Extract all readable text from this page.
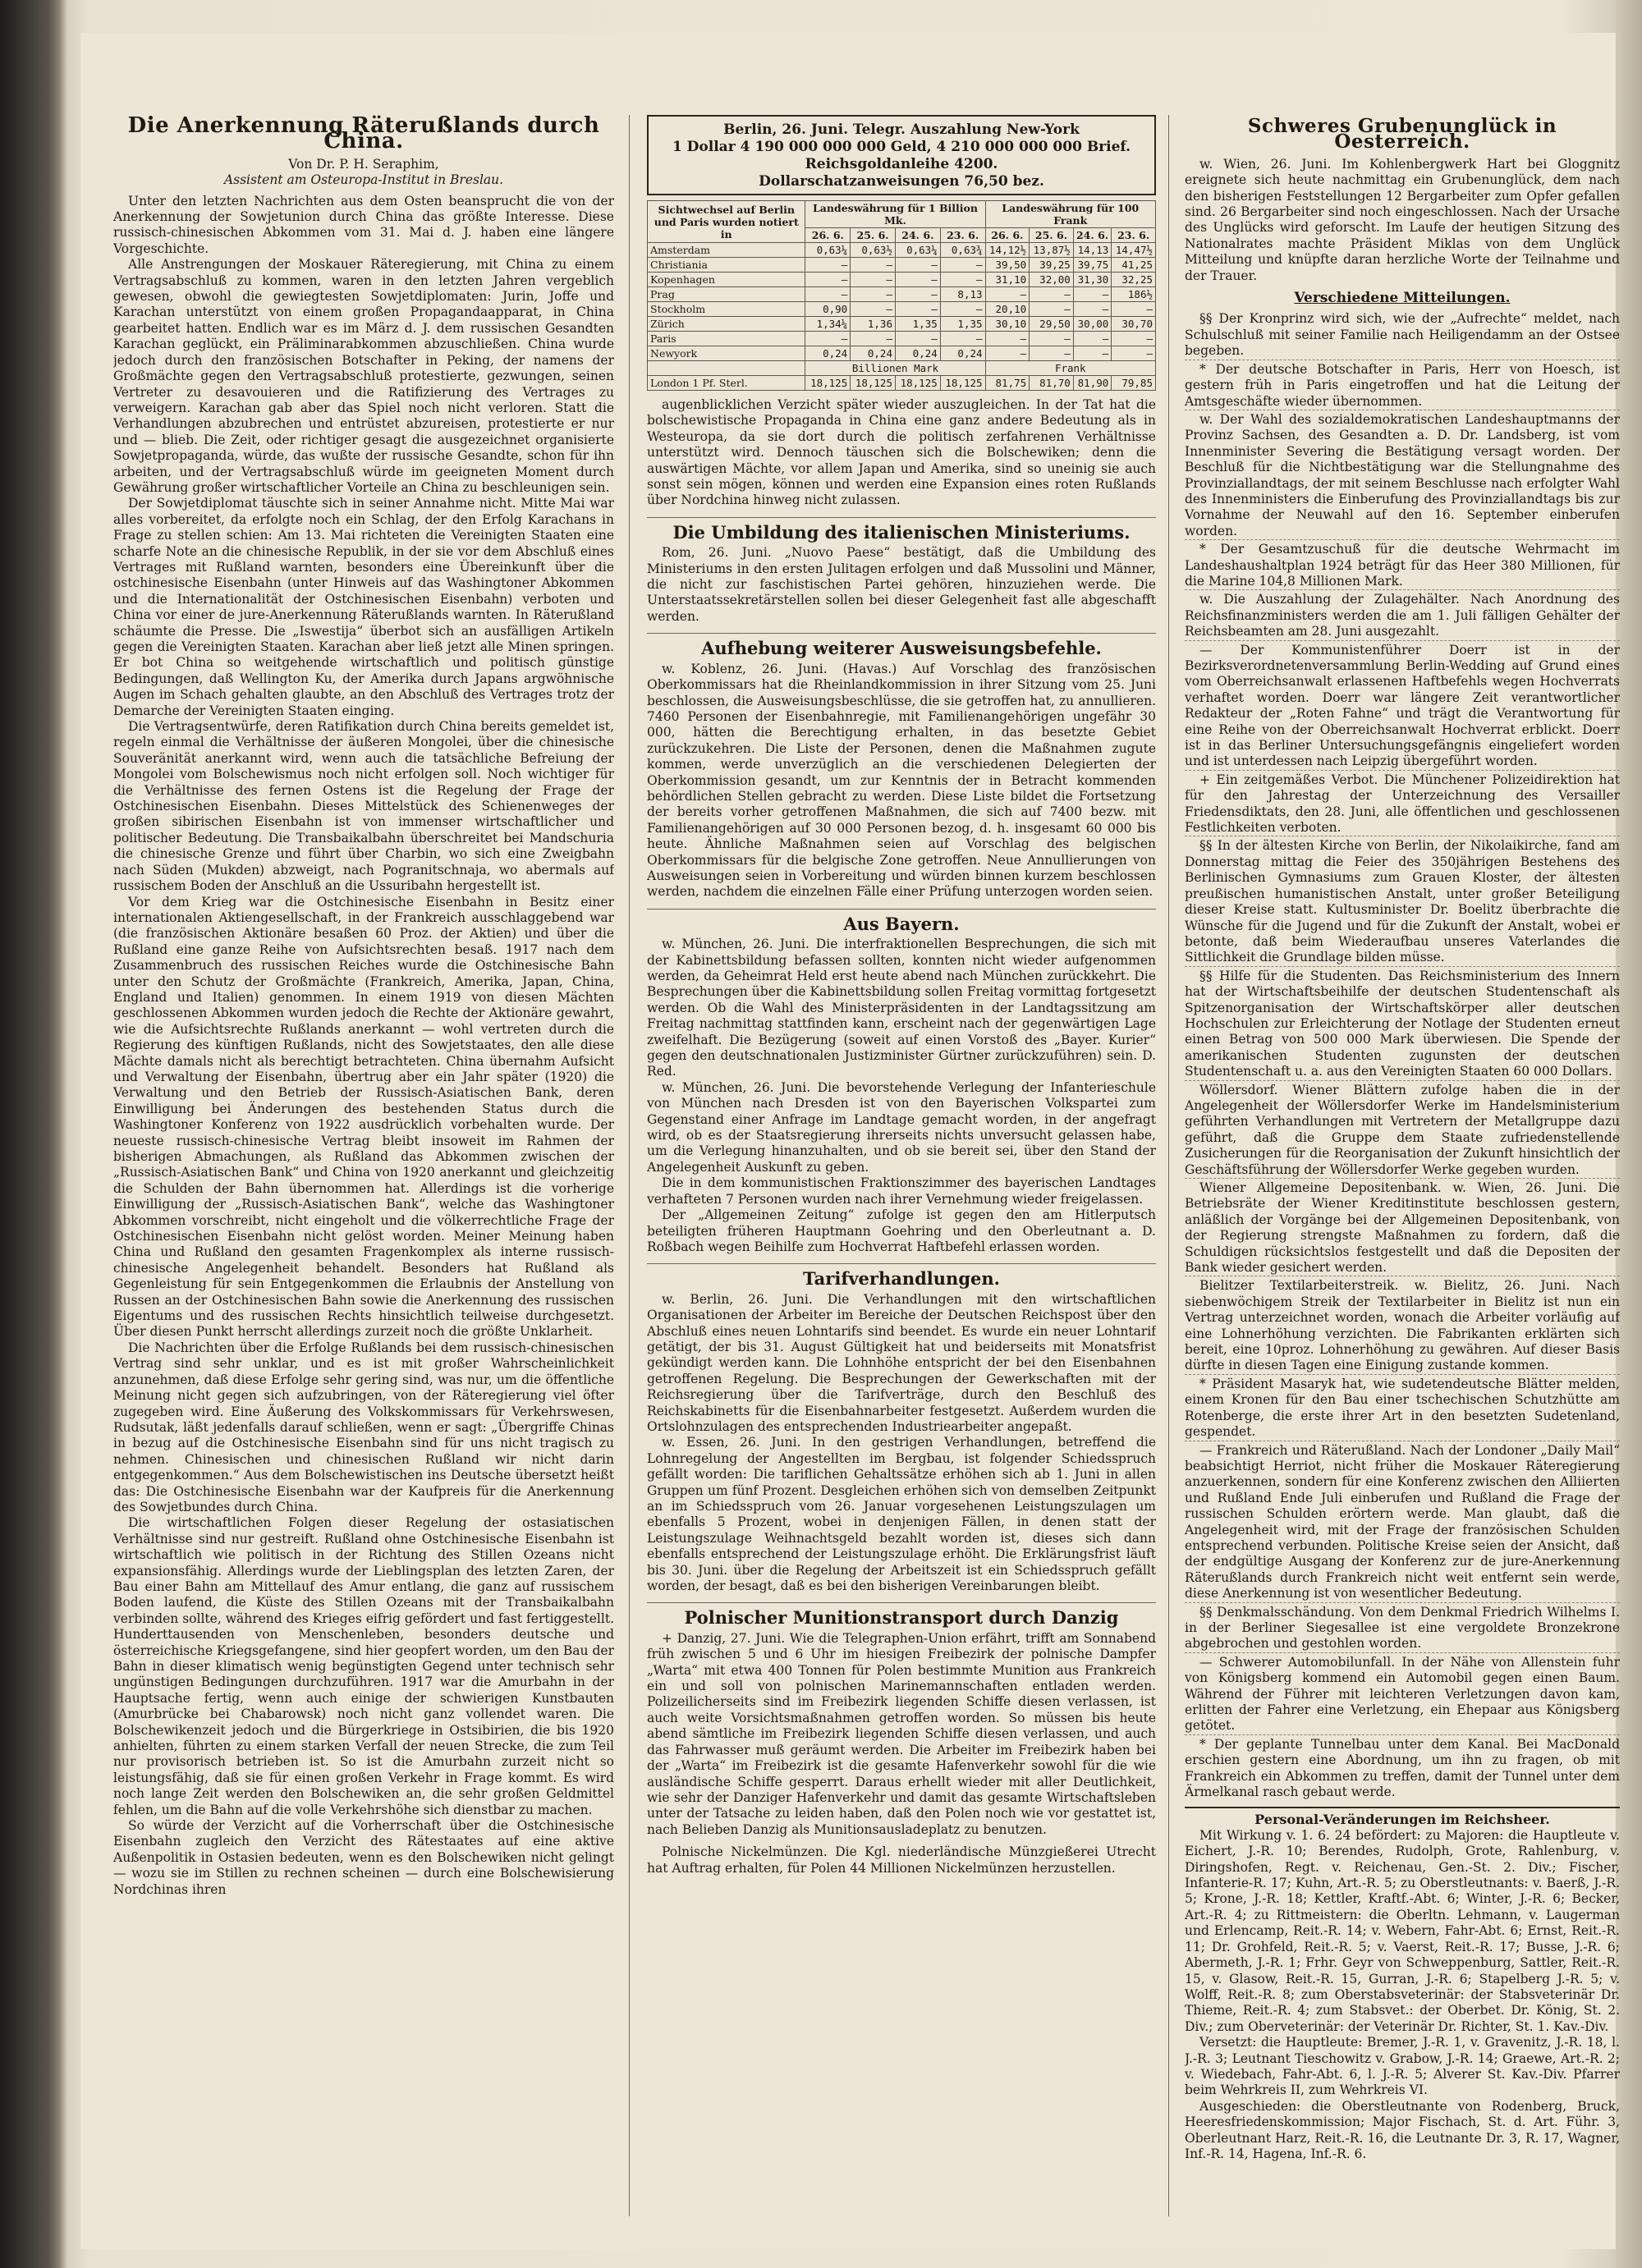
Die Anerkennung Räterußlands durch China.
Von Dr. P. H. Seraphim,
Assistent am Osteuropa-Institut in Breslau.

Unter den letzten Nachrichten aus dem Osten beansprucht die von der Anerkennung der Sowjetunion durch China das größte Interesse. Diese russisch-chinesischen Abkommen vom 31. Mai d. J. haben eine längere Vorgeschichte.

Alle Anstrengungen der Moskauer Räteregierung, mit China zu einem Vertragsabschluß zu kommen, waren in den letzten Jahren vergeblich gewesen, obwohl die gewiegtesten Sowjetdiplomaten: Jurin, Joffe und Karachan unterstützt von einem großen Propagandaapparat, in China gearbeitet hatten. Endlich war es im März d. J. dem russischen Gesandten Karachan geglückt, ein Präliminarabkommen abzuschließen. China wurde jedoch durch den französischen Botschafter in Peking, der namens der Großmächte gegen den Vertragsabschluß protestierte, gezwungen, seinen Vertreter zu desavouieren und die Ratifizierung des Vertrages zu verweigern. Karachan gab aber das Spiel noch nicht verloren. Statt die Verhandlungen abzubrechen und entrüstet abzureisen, protestierte er nur und — blieb. Die Zeit, oder richtiger gesagt die ausgezeichnet organisierte Sowjetpropaganda, würde, das wußte der russische Gesandte, schon für ihn arbeiten, und der Vertragsabschluß würde im geeigneten Moment durch Gewährung großer wirtschaftlicher Vorteile an China zu beschleunigen sein.

Der Sowjetdiplomat täuschte sich in seiner Annahme nicht. Mitte Mai war alles vorbereitet, da erfolgte noch ein Schlag, der den Erfolg Karachans in Frage zu stellen schien: Am 13. Mai richteten die Vereinigten Staaten eine scharfe Note an die chinesische Republik, in der sie vor dem Abschluß eines Vertrages mit Rußland warnten, besonders eine Übereinkunft über die ostchinesische Eisenbahn (unter Hinweis auf das Washingtoner Abkommen und die Internationalität der Ostchinesischen Eisenbahn) verboten und China vor einer de jure-Anerkennung Räterußlands warnten. In Räterußland schäumte die Presse. Die „Iswestija“ überbot sich an ausfälligen Artikeln gegen die Vereinigten Staaten. Karachan aber ließ jetzt alle Minen springen. Er bot China so weitgehende wirtschaftlich und politisch günstige Bedingungen, daß Wellington Ku, der Amerika durch Japans argwöhnische Augen im Schach gehalten glaubte, an den Abschluß des Vertrages trotz der Demarche der Vereinigten Staaten einging.

Die Vertragsentwürfe, deren Ratifikation durch China bereits gemeldet ist, regeln einmal die Verhältnisse der äußeren Mongolei, über die chinesische Souveränität anerkannt wird, wenn auch die tatsächliche Befreiung der Mongolei vom Bolschewismus noch nicht erfolgen soll. Noch wichtiger für die Verhältnisse des fernen Ostens ist die Regelung der Frage der Ostchinesischen Eisenbahn. Dieses Mittelstück des Schienenweges der großen sibirischen Eisenbahn ist von immenser wirtschaftlicher und politischer Bedeutung. Die Transbaikalbahn überschreitet bei Mandschuria die chinesische Grenze und führt über Charbin, wo sich eine Zweigbahn nach Süden (Mukden) abzweigt, nach Pogranitschnaja, wo abermals auf russischem Boden der Anschluß an die Ussuribahn hergestellt ist.

Vor dem Krieg war die Ostchinesische Eisenbahn in Besitz einer internationalen Aktiengesellschaft, in der Frankreich ausschlaggebend war (die französischen Aktionäre besaßen 60 Proz. der Aktien) und über die Rußland eine ganze Reihe von Aufsichtsrechten besaß. 1917 nach dem Zusammenbruch des russischen Reiches wurde die Ostchinesische Bahn unter den Schutz der Großmächte (Frankreich, Amerika, Japan, China, England und Italien) genommen. In einem 1919 von diesen Mächten geschlossenen Abkommen wurden jedoch die Rechte der Aktionäre gewahrt, wie die Aufsichtsrechte Rußlands anerkannt — wohl vertreten durch die Regierung des künftigen Rußlands, nicht des Sowjetstaates, den alle diese Mächte damals nicht als berechtigt betrachteten. China übernahm Aufsicht und Verwaltung der Eisenbahn, übertrug aber ein Jahr später (1920) die Verwaltung und den Betrieb der Russisch-Asiatischen Bank, deren Einwilligung bei Änderungen des bestehenden Status durch die Washingtoner Konferenz von 1922 ausdrücklich vorbehalten wurde. Der neueste russisch-chinesische Vertrag bleibt insoweit im Rahmen der bisherigen Abmachungen, als Rußland das Abkommen zwischen der „Russisch-Asiatischen Bank“ und China von 1920 anerkannt und gleichzeitig die Schulden der Bahn übernommen hat. Allerdings ist die vorherige Einwilligung der „Russisch-Asiatischen Bank“, welche das Washingtoner Abkommen vorschreibt, nicht eingeholt und die völkerrechtliche Frage der Ostchinesischen Eisenbahn nicht gelöst worden. Meiner Meinung haben China und Rußland den gesamten Fragenkomplex als interne russisch-chinesische Angelegenheit behandelt. Besonders hat Rußland als Gegenleistung für sein Entgegenkommen die Erlaubnis der Anstellung von Russen an der Ostchinesischen Bahn sowie die Anerkennung des russischen Eigentums und des russischen Rechts hinsichtlich teilweise durchgesetzt. Über diesen Punkt herrscht allerdings zurzeit noch die größte Unklarheit.

Die Nachrichten über die Erfolge Rußlands bei dem russisch-chinesischen Vertrag sind sehr unklar, und es ist mit großer Wahrscheinlichkeit anzunehmen, daß diese Erfolge sehr gering sind, was nur, um die öffentliche Meinung nicht gegen sich aufzubringen, von der Räteregierung viel öfter zugegeben wird. Eine Äußerung des Volkskommissars für Verkehrswesen, Rudsutak, läßt jedenfalls darauf schließen, wenn er sagt: „Übergriffe Chinas in bezug auf die Ostchinesische Eisenbahn sind für uns nicht tragisch zu nehmen. Chinesischen und chinesischen Rußland wir nicht darin entgegenkommen.“ Aus dem Bolschewistischen ins Deutsche übersetzt heißt das: Die Ostchinesische Eisenbahn war der Kaufpreis für die Anerkennung des Sowjetbundes durch China.

Die wirtschaftlichen Folgen dieser Regelung der ostasiatischen Verhältnisse sind nur gestreift. Rußland ohne Ostchinesische Eisenbahn ist wirtschaftlich wie politisch in der Richtung des Stillen Ozeans nicht expansionsfähig. Allerdings wurde der Lieblingsplan des letzten Zaren, der Bau einer Bahn am Mittellauf des Amur entlang, die ganz auf russischem Boden laufend, die Küste des Stillen Ozeans mit der Transbaikalbahn verbinden sollte, während des Krieges eifrig gefördert und fast fertiggestellt. Hunderttausenden von Menschenleben, besonders deutsche und österreichische Kriegsgefangene, sind hier geopfert worden, um den Bau der Bahn in dieser klimatisch wenig begünstigten Gegend unter technisch sehr ungünstigen Bedingungen durchzuführen. 1917 war die Amurbahn in der Hauptsache fertig, wenn auch einige der schwierigen Kunstbauten (Amurbrücke bei Chabarowsk) noch nicht ganz vollendet waren. Die Bolschewikenzeit jedoch und die Bürgerkriege in Ostsibirien, die bis 1920 anhielten, führten zu einem starken Verfall der neuen Strecke, die zum Teil nur provisorisch betrieben ist. So ist die Amurbahn zurzeit nicht so leistungsfähig, daß sie für einen großen Verkehr in Frage kommt. Es wird noch lange Zeit werden den Bolschewiken an, die sehr großen Geldmittel fehlen, um die Bahn auf die volle Verkehrshöhe sich dienstbar zu machen.

So würde der Verzicht auf die Vorherrschaft über die Ostchinesische Eisenbahn zugleich den Verzicht des Rätestaates auf eine aktive Außenpolitik in Ostasien bedeuten, wenn es den Bolschewiken nicht gelingt — wozu sie im Stillen zu rechnen scheinen — durch eine Bolschewisierung Nordchinas ihren

Berlin, 26. Juni. Telegr. Auszahlung New-York
1 Dollar 4 190 000 000 000 Geld, 4 210 000 000 000 Brief.
Reichsgoldanleihe 4200.
Dollarschatzanweisungen 76,50 bez.
Sichtwechsel auf Berlin und Paris wurden notiert in	Landeswährung für 1 Billion Mk.				Landeswährung für 100 Frank			
	26. 6.	25. 6.	24. 6.	23. 6.	26. 6.	25. 6.	24. 6.	23. 6.
Amsterdam	0,63¼	0,63½	0,63¼	0,63¾	14,12½	13,87½	14,13	14,47½
Christiania	—	—	—	—	39,50	39,25	39,75	41,25
Kopenhagen	—	—	—	—	31,10	32,00	31,30	32,25
Prag	—	—	—	8,13	—	—	—	186½
Stockholm	0,90	—	—	—	20,10	—	—	—
Zürich	1,34¼	1,36	1,35	1,35	30,10	29,50	30,00	30,70
Paris	—	—	—	—	—	—	—	—
Newyork	0,24	0,24	0,24	0,24	—	—	—	—
	Billionen Mark				Frank			
London 1 Pf. Sterl.	18,125	18,125	18,125	18,125	81,75	81,70	81,90	79,85

augenblicklichen Verzicht später wieder auszugleichen. In der Tat hat die bolschewistische Propaganda in China eine ganz andere Bedeutung als in Westeuropa, da sie dort durch die politisch zerfahrenen Verhältnisse unterstützt wird. Dennoch täuschen sich die Bolschewiken; denn die auswärtigen Mächte, vor allem Japan und Amerika, sind so uneinig sie auch sonst sein mögen, können und werden eine Expansion eines roten Rußlands über Nordchina hinweg nicht zulassen.

Die Umbildung des italienischen Ministeriums.

Rom, 26. Juni. „Nuovo Paese“ bestätigt, daß die Umbildung des Ministeriums in den ersten Julitagen erfolgen und daß Mussolini und Männer, die nicht zur faschistischen Partei gehören, hinzuziehen werde. Die Unterstaatssekretärstellen sollen bei dieser Gelegenheit fast alle abgeschafft werden.

Aufhebung weiterer Ausweisungsbefehle.

w. Koblenz, 26. Juni. (Havas.) Auf Vorschlag des französischen Oberkommissars hat die Rheinlandkommission in ihrer Sitzung vom 25. Juni beschlossen, die Ausweisungsbeschlüsse, die sie getroffen hat, zu annullieren. 7460 Personen der Eisenbahnregie, mit Familienangehörigen ungefähr 30 000, hätten die Berechtigung erhalten, in das besetzte Gebiet zurückzukehren. Die Liste der Personen, denen die Maßnahmen zugute kommen, werde unverzüglich an die verschiedenen Delegierten der Oberkommission gesandt, um zur Kenntnis der in Betracht kommenden behördlichen Stellen gebracht zu werden. Diese Liste bildet die Fortsetzung der bereits vorher getroffenen Maßnahmen, die sich auf 7400 bezw. mit Familienangehörigen auf 30 000 Personen bezog, d. h. insgesamt 60 000 bis heute. Ähnliche Maßnahmen seien auf Vorschlag des belgischen Oberkommissars für die belgische Zone getroffen. Neue Annullierungen von Ausweisungen seien in Vorbereitung und würden binnen kurzem beschlossen werden, nachdem die einzelnen Fälle einer Prüfung unterzogen worden seien.

Aus Bayern.

w. München, 26. Juni. Die interfraktionellen Besprechungen, die sich mit der Kabinettsbildung befassen sollten, konnten nicht wieder aufgenommen werden, da Geheimrat Held erst heute abend nach München zurückkehrt. Die Besprechungen über die Kabinettsbildung sollen Freitag vormittag fortgesetzt werden. Ob die Wahl des Ministerpräsidenten in der Landtagssitzung am Freitag nachmittag stattfinden kann, erscheint nach der gegenwärtigen Lage zweifelhaft. Die Bezügerung (soweit auf einen Vorstoß des „Bayer. Kurier“ gegen den deutschnationalen Justizminister Gürtner zurückzuführen) sein. D. Red.

w. München, 26. Juni. Die bevorstehende Verlegung der Infanterieschule von München nach Dresden ist von den Bayerischen Volkspartei zum Gegenstand einer Anfrage im Landtage gemacht worden, in der angefragt wird, ob es der Staatsregierung ihrerseits nichts unversucht gelassen habe, um die Verlegung hinanzuhalten, und ob sie bereit sei, über den Stand der Angelegenheit Auskunft zu geben.

Die in dem kommunistischen Fraktionszimmer des bayerischen Landtages verhafteten 7 Personen wurden nach ihrer Vernehmung wieder freigelassen.

Der „Allgemeinen Zeitung“ zufolge ist gegen den am Hitlerputsch beteiligten früheren Hauptmann Goehring und den Oberleutnant a. D. Roßbach wegen Beihilfe zum Hochverrat Haftbefehl erlassen worden.

Tarifverhandlungen.

w. Berlin, 26. Juni. Die Verhandlungen mit den wirtschaftlichen Organisationen der Arbeiter im Bereiche der Deutschen Reichspost über den Abschluß eines neuen Lohntarifs sind beendet. Es wurde ein neuer Lohntarif getätigt, der bis 31. August Gültigkeit hat und beiderseits mit Monatsfrist gekündigt werden kann. Die Lohnhöhe entspricht der bei den Eisenbahnen getroffenen Regelung. Die Besprechungen der Gewerkschaften mit der Reichsregierung über die Tarifverträge, durch den Beschluß des Reichskabinetts für die Eisenbahnarbeiter festgesetzt. Außerdem wurden die Ortslohnzulagen des entsprechenden Industriearbeiter angepaßt.

w. Essen, 26. Juni. In den gestrigen Verhandlungen, betreffend die Lohnregelung der Angestellten im Bergbau, ist folgender Schiedsspruch gefällt worden: Die tariflichen Gehaltssätze erhöhen sich ab 1. Juni in allen Gruppen um fünf Prozent. Desgleichen erhöhen sich von demselben Zeitpunkt an im Schiedsspruch vom 26. Januar vorgesehenen Leistungszulagen um ebenfalls 5 Prozent, wobei in denjenigen Fällen, in denen statt der Leistungszulage Weihnachtsgeld bezahlt worden ist, dieses sich dann ebenfalls entsprechend der Leistungszulage erhöht. Die Erklärungsfrist läuft bis 30. Juni. über die Regelung der Arbeitszeit ist ein Schiedsspruch gefällt worden, der besagt, daß es bei den bisherigen Vereinbarungen bleibt.

Polnischer Munitionstransport durch Danzig

+ Danzig, 27. Juni. Wie die Telegraphen-Union erfährt, trifft am Sonnabend früh zwischen 5 und 6 Uhr im hiesigen Freibezirk der polnische Dampfer „Warta“ mit etwa 400 Tonnen für Polen bestimmte Munition aus Frankreich ein und soll von polnischen Marinemannschaften entladen werden. Polizeilicherseits sind im Freibezirk liegenden Schiffe diesen verlassen, ist auch weite Vorsichtsmaßnahmen getroffen worden. So müssen bis heute abend sämtliche im Freibezirk liegenden Schiffe diesen verlassen, und auch das Fahrwasser muß geräumt werden. Die Arbeiter im Freibezirk haben bei der „Warta“ im Freibezirk ist die gesamte Hafenverkehr sowohl für die wie ausländische Schiffe gesperrt. Daraus erhellt wieder mit aller Deutlichkeit, wie sehr der Danziger Hafenverkehr und damit das gesamte Wirtschaftsleben unter der Tatsache zu leiden haben, daß den Polen noch wie vor gestattet ist, nach Belieben Danzig als Munitionsausladeplatz zu benutzen.

Polnische Nickelmünzen. Die Kgl. niederländische Münzgießerei Utrecht hat Auftrag erhalten, für Polen 44 Millionen Nickelmünzen herzustellen.

Schweres Grubenunglück in Oesterreich.

w. Wien, 26. Juni. Im Kohlenbergwerk Hart bei Gloggnitz ereignete sich heute nachmittag ein Grubenunglück, dem nach den bisherigen Feststellungen 12 Bergarbeiter zum Opfer gefallen sind. 26 Bergarbeiter sind noch eingeschlossen. Nach der Ursache des Unglücks wird geforscht. Im Laufe der heutigen Sitzung des Nationalrates machte Präsident Miklas von dem Unglück Mitteilung und knüpfte daran herzliche Worte der Teilnahme und der Trauer.

Verschiedene Mitteilungen.

§§ Der Kronprinz wird sich, wie der „Aufrechte“ meldet, nach Schulschluß mit seiner Familie nach Heiligendamm an der Ostsee begeben.

* Der deutsche Botschafter in Paris, Herr von Hoesch, ist gestern früh in Paris eingetroffen und hat die Leitung der Amtsgeschäfte wieder übernommen.

w. Der Wahl des sozialdemokratischen Landeshauptmanns der Provinz Sachsen, des Gesandten a. D. Dr. Landsberg, ist vom Innenminister Severing die Bestätigung versagt worden. Der Beschluß für die Nichtbestätigung war die Stellungnahme des Provinziallandtags, der mit seinem Beschlusse nach erfolgter Wahl des Innenministers die Einberufung des Provinziallandtags bis zur Vornahme der Neuwahl auf den 16. September einberufen worden.

* Der Gesamtzuschuß für die deutsche Wehrmacht im Landeshaushaltplan 1924 beträgt für das Heer 380 Millionen, für die Marine 104,8 Millionen Mark.

w. Die Auszahlung der Zulagehälter. Nach Anordnung des Reichsfinanzministers werden die am 1. Juli fälligen Gehälter der Reichsbeamten am 28. Juni ausgezahlt.

— Der Kommunistenführer Doerr ist in der Bezirksverordnetenversammlung Berlin-Wedding auf Grund eines vom Oberreichsanwalt erlassenen Haftbefehls wegen Hochverrats verhaftet worden. Doerr war längere Zeit verantwortlicher Redakteur der „Roten Fahne“ und trägt die Verantwortung für eine Reihe von der Oberreichsanwalt Hochverrat erblickt. Doerr ist in das Berliner Untersuchungsgefängnis eingeliefert worden und ist unterdessen nach Leipzig übergeführt worden.

+ Ein zeitgemäßes Verbot. Die Münchener Polizeidirektion hat für den Jahrestag der Unterzeichnung des Versailler Friedensdiktats, den 28. Juni, alle öffentlichen und geschlossenen Festlichkeiten verboten.

§§ In der ältesten Kirche von Berlin, der Nikolaikirche, fand am Donnerstag mittag die Feier des 350jährigen Bestehens des Berlinischen Gymnasiums zum Grauen Kloster, der ältesten preußischen humanistischen Anstalt, unter großer Beteiligung dieser Kreise statt. Kultusminister Dr. Boelitz überbrachte die Wünsche für die Jugend und für die Zukunft der Anstalt, wobei er betonte, daß beim Wiederaufbau unseres Vaterlandes die Sittlichkeit die Grundlage bilden müsse.

§§ Hilfe für die Studenten. Das Reichsministerium des Innern hat der Wirtschaftsbeihilfe der deutschen Studentenschaft als Spitzenorganisation der Wirtschaftskörper aller deutschen Hochschulen zur Erleichterung der Notlage der Studenten erneut einen Betrag von 500 000 Mark überwiesen. Die Spende der amerikanischen Studenten zugunsten der deutschen Studentenschaft u. a. aus den Vereinigten Staaten 60 000 Dollars.

Wöllersdorf. Wiener Blättern zufolge haben die in der Angelegenheit der Wöllersdorfer Werke im Handelsministerium geführten Verhandlungen mit Vertretern der Metallgruppe dazu geführt, daß die Gruppe dem Staate zufriedenstellende Zusicherungen für die Reorganisation der Zukunft hinsichtlich der Geschäftsführung der Wöllersdorfer Werke gegeben wurden.

Wiener Allgemeine Depositenbank. w. Wien, 26. Juni. Die Betriebsräte der Wiener Kreditinstitute beschlossen gestern, anläßlich der Vorgänge bei der Allgemeinen Depositenbank, von der Regierung strengste Maßnahmen zu fordern, daß die Schuldigen rücksichtslos festgestellt und daß die Depositen der Bank wieder gesichert werden.

Bielitzer Textilarbeiterstreik. w. Bielitz, 26. Juni. Nach siebenwöchigem Streik der Textilarbeiter in Bielitz ist nun ein Vertrag unterzeichnet worden, wonach die Arbeiter vorläufig auf eine Lohnerhöhung verzichten. Die Fabrikanten erklärten sich bereit, eine 10proz. Lohnerhöhung zu gewähren. Auf dieser Basis dürfte in diesen Tagen eine Einigung zustande kommen.

* Präsident Masaryk hat, wie sudetendeutsche Blätter melden, einem Kronen für den Bau einer tschechischen Schutzhütte am Rotenberge, die erste ihrer Art in den besetzten Sudetenland, gespendet.

— Frankreich und Räterußland. Nach der Londoner „Daily Mail“ beabsichtigt Herriot, nicht früher die Moskauer Räteregierung anzuerkennen, sondern für eine Konferenz zwischen den Alliierten und Rußland Ende Juli einberufen und Rußland die Frage der russischen Schulden erörtern werde. Man glaubt, daß die Angelegenheit wird, mit der Frage der französischen Schulden entsprechend verbunden. Politische Kreise seien der Ansicht, daß der endgültige Ausgang der Konferenz zur de jure-Anerkennung Räterußlands durch Frankreich nicht weit entfernt sein werde, diese Anerkennung ist von wesentlicher Bedeutung.

§§ Denkmalsschändung. Von dem Denkmal Friedrich Wilhelms I. in der Berliner Siegesallee ist eine vergoldete Bronzekrone abgebrochen und gestohlen worden.

— Schwerer Automobilunfall. In der Nähe von Allenstein fuhr von Königsberg kommend ein Automobil gegen einen Baum. Während der Führer mit leichteren Verletzungen davon kam, erlitten der Fahrer eine Verletzung, ein Ehepaar aus Königsberg getötet.

* Der geplante Tunnelbau unter dem Kanal. Bei MacDonald erschien gestern eine Abordnung, um ihn zu fragen, ob mit Frankreich ein Abkommen zu treffen, damit der Tunnel unter dem Ärmelkanal rasch gebaut werde.

Personal-Veränderungen im Reichsheer.

Mit Wirkung v. 1. 6. 24 befördert: zu Majoren: die Hauptleute v. Eichert, J.-R. 10; Berendes, Rudolph, Grote, Rahlenburg, v. Diringshofen, Regt. v. Reichenau, Gen.-St. 2. Div.; Fischer, Infanterie-R. 17; Kuhn, Art.-R. 5; zu Oberstleutnants: v. Baerß, J.-R. 5; Krone, J.-R. 18; Kettler, Kraftf.-Abt. 6; Winter, J.-R. 6; Becker, Art.-R. 4; zu Rittmeistern: die Oberltn. Lehmann, v. Laugerman und Erlencamp, Reit.-R. 14; v. Webern, Fahr-Abt. 6; Ernst, Reit.-R. 11; Dr. Grohfeld, Reit.-R. 5; v. Vaerst, Reit.-R. 17; Busse, J.-R. 6; Abermeth, J.-R. 1; Frhr. Geyr von Schweppenburg, Sattler, Reit.-R. 15, v. Glasow, Reit.-R. 15, Gurran, J.-R. 6; Stapelberg J.-R. 5; v. Wolff, Reit.-R. 8; zum Oberstabsveterinär: der Stabsveterinär Dr. Thieme, Reit.-R. 4; zum Stabsvet.: der Oberbet. Dr. König, St. 2. Div.; zum Oberveterinär: der Veterinär Dr. Richter, St. 1. Kav.-Div.

Versetzt: die Hauptleute: Bremer, J.-R. 1, v. Gravenitz, J.-R. 18, l. J.-R. 3; Leutnant Tieschowitz v. Grabow, J.-R. 14; Graewe, Art.-R. 2; v. Wiedebach, Fahr-Abt. 6, l. J.-R. 5; Alverer St. Kav.-Div. Pfarrer beim Wehrkreis II, zum Wehrkreis VI.

Ausgeschieden: die Oberstleutnante von Rodenberg, Bruck, Heeresfriedenskommission; Major Fischach, St. d. Art. Führ. 3, Oberleutnant Harz, Reit.-R. 16, die Leutnante Dr. 3, R. 17, Wagner, Inf.-R. 14, Hagena, Inf.-R. 6.
